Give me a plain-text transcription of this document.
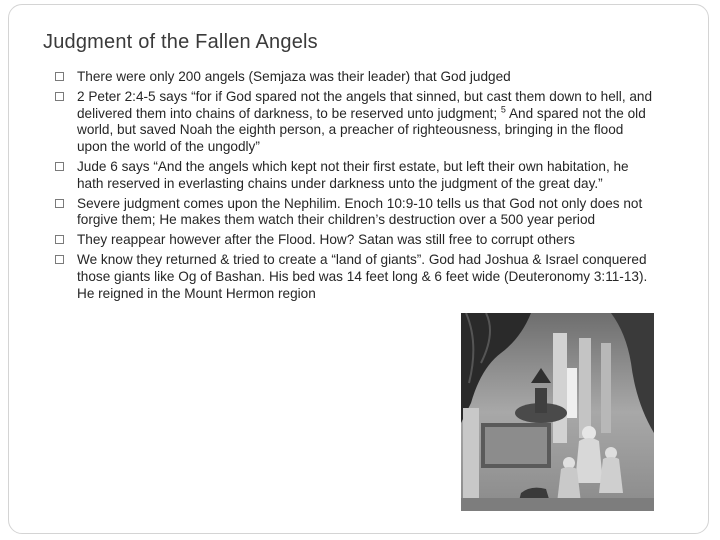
Judgment of the Fallen Angels
There were only 200 angels (Semjaza was their leader) that God judged
2 Peter 2:4-5 says “for if God spared not the angels that sinned, but cast them down to hell, and delivered them into chains of darkness, to be reserved unto judgment; $^5$ And spared not the old world, but saved Noah the eighth person, a preacher of righteousness, bringing in the flood upon the world of the ungodly”
Jude 6 says “And the angels which kept not their first estate, but left their own habitation, he hath reserved in everlasting chains under darkness unto the judgment of the great day.”
Severe judgment comes upon the Nephilim. Enoch 10:9-10 tells us that God not only does not forgive them; He makes them watch their children’s destruction over a 500 year period
They reappear however after the Flood. How? Satan was still free to corrupt others
We know they returned & tried to create a “land of giants”. God had Joshua & Israel conquered those giants like Og of Bashan. His bed was 14 feet long & 6 feet wide (Deuteronomy 3:11-13). He reigned in the Mount Hermon region
